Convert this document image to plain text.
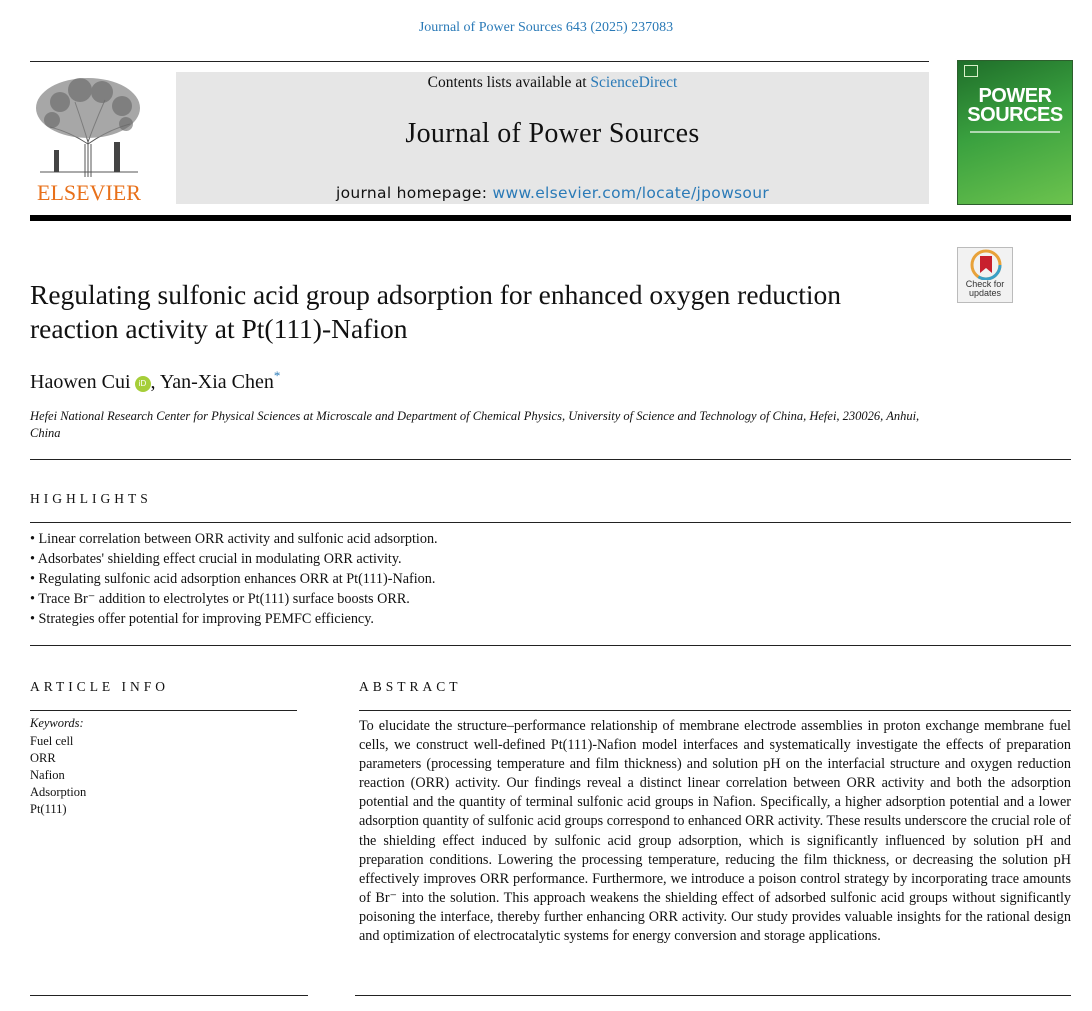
Journal of Power Sources 643 (2025) 237083
ELSEVIER
Contents lists available at ScienceDirect
Journal of Power Sources
journal homepage: www.elsevier.com/locate/jpowsour
POWER
SOURCES
Check for
updates
Regulating sulfonic acid group adsorption for enhanced oxygen reduction reaction activity at Pt(111)-Nafion
Haowen Cui iD , Yan-Xia Chen*
Hefei National Research Center for Physical Sciences at Microscale and Department of Chemical Physics, University of Science and Technology of China, Hefei, 230026, Anhui, China
HIGHLIGHTS
• Linear correlation between ORR activity and sulfonic acid adsorption.
• Adsorbates' shielding effect crucial in modulating ORR activity.
• Regulating sulfonic acid adsorption enhances ORR at Pt(111)-Nafion.
• Trace Br⁻ addition to electrolytes or Pt(111) surface boosts ORR.
• Strategies offer potential for improving PEMFC efficiency.
ARTICLE INFO
Keywords:
Fuel cell
ORR
Nafion
Adsorption
Pt(111)
ABSTRACT
To elucidate the structure–performance relationship of membrane electrode assemblies in proton exchange membrane fuel cells, we construct well-defined Pt(111)-Nafion model interfaces and systematically investigate the effects of preparation parameters (processing temperature and film thickness) and solution pH on the interfacial structure and oxygen reduction reaction (ORR) activity. Our findings reveal a distinct linear correlation between ORR activity and both the adsorption potential and the quantity of terminal sulfonic acid groups in Nafion. Specifically, a higher adsorption potential and a lower adsorption quantity of sulfonic acid groups correspond to enhanced ORR activity. These results underscore the crucial role of the shielding effect induced by sulfonic acid group adsorption, which is significantly influenced by solution pH and preparation conditions. Lowering the processing temperature, reducing the film thickness, or decreasing the solution pH effectively improves ORR performance. Furthermore, we introduce a poison control strategy by incorporating trace amounts of Br⁻ into the solution. This approach weakens the shielding effect of adsorbed sulfonic acid groups without significantly poisoning the interface, thereby further enhancing ORR activity. Our study provides valuable insights for the rational design and optimization of electrocatalytic systems for energy conversion and storage applications.
